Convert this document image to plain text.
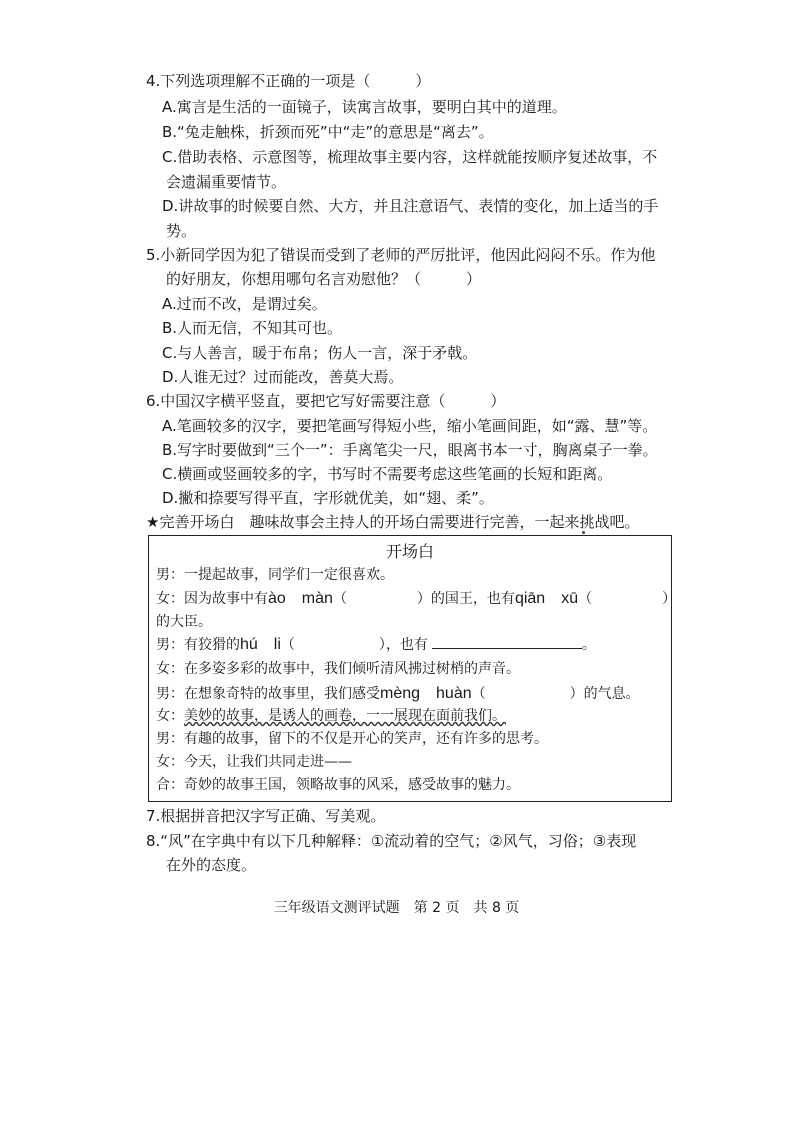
4.下列选项理解不正确的一项是（　　　）
A.寓言是生活的一面镜子，读寓言故事，要明白其中的道理。
B.“兔走触株，折颈而死”中“走”的意思是“离去”。
C.借助表格、示意图等，梳理故事主要内容，这样就能按顺序复述故事，不
会遗漏重要情节。
D.讲故事的时候要自然、大方，并且注意语气、表情的变化，加上适当的手
势。
5.小新同学因为犯了错误而受到了老师的严厉批评，他因此闷闷不乐。作为他
的好朋友，你想用哪句名言劝慰他？（　　　）
A.过而不改，是谓过矣。
B.人而无信，不知其可也。
C.与人善言，暖于布帛；伤人一言，深于矛戟。
D.人谁无过？过而能改，善莫大焉。
6.中国汉字横平竖直，要把它写好需要注意（　　　）
A.笔画较多的汉字，要把笔画写得短小些，缩小笔画间距，如“露、慧”等。
B.写字时要做到“三个一”：手离笔尖一尺，眼离书本一寸，胸离桌子一拳。
C.横画或竖画较多的字，书写时不需要考虑这些笔画的长短和距离。
D.撇和捺要写得平直，字形就优美，如“翅、柔”。
★完善开场白　趣味故事会主持人的开场白需要进行完善，一起来挑战吧。
开场白
男：一提起故事，同学们一定很喜欢。
女：因为故事中有ào　màn（　　　　　）的国王，也有qiān　xū（　　　　　）
的大臣。
男：有狡猾的hú　li（　　　　　　），也有	。
女：在多姿多彩的故事中，我们倾听清风拂过树梢的声音。
男：在想象奇特的故事里，我们感受mèng　huàn（　　　　　　）的气息。
女：美妙的故事，是诱人的画卷，一一展现在面前我们。
男：有趣的故事，留下的不仅是开心的笑声，还有许多的思考。
女：今天，让我们共同走进——
合：奇妙的故事王国，领略故事的风采，感受故事的魅力。
7.根据拼音把汉字写正确、写美观。
8.“风”在字典中有以下几种解释：①流动着的空气；②风气，习俗；③表现
在外的态度。
三年级语文测评试题　第 2 页　共 8 页
